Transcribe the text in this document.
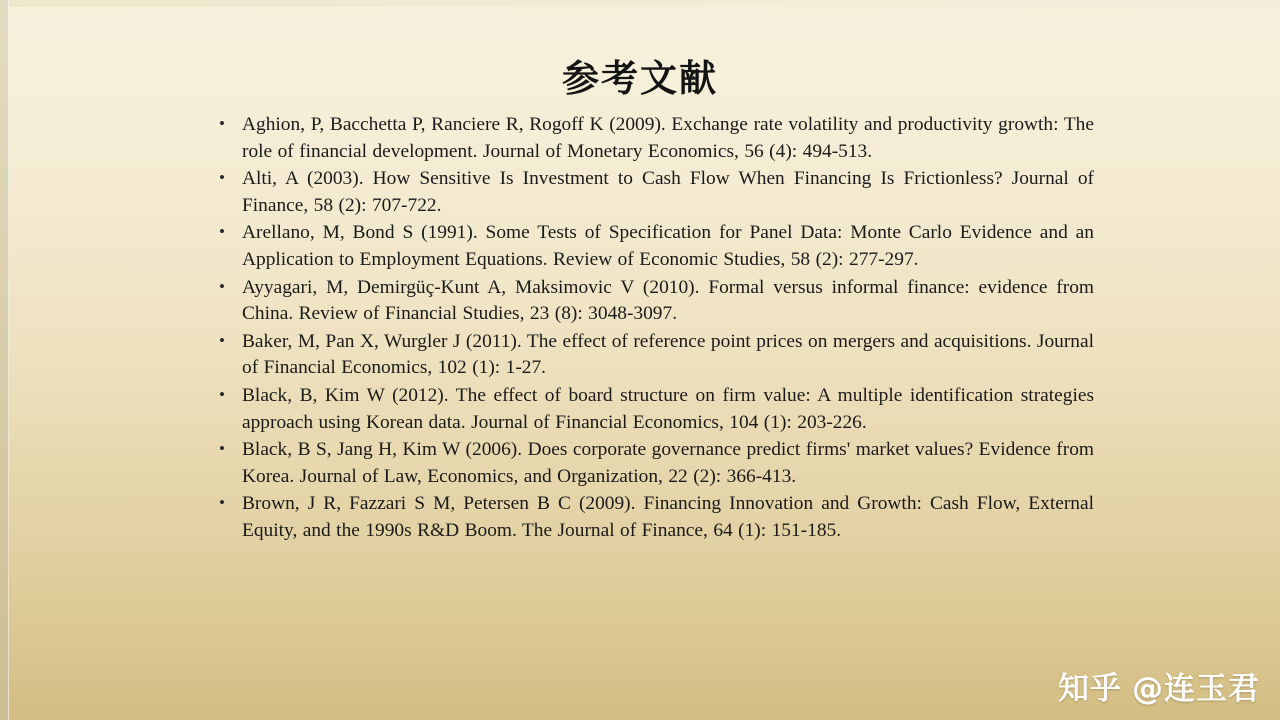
参考文献
• Aghion, P, Bacchetta P, Ranciere R, Rogoff K (2009). Exchange rate volatility and productivity growth: The role of financial development. Journal of Monetary Economics, 56 (4): 494-513.
• Alti, A (2003). How Sensitive Is Investment to Cash Flow When Financing Is Frictionless? Journal of Finance, 58 (2): 707-722.
• Arellano, M, Bond S (1991). Some Tests of Specification for Panel Data: Monte Carlo Evidence and an Application to Employment Equations. Review of Economic Studies, 58 (2): 277-297.
• Ayyagari, M, Demirgüç-Kunt A, Maksimovic V (2010). Formal versus informal finance: evidence from China. Review of Financial Studies, 23 (8): 3048-3097.
• Baker, M, Pan X, Wurgler J (2011). The effect of reference point prices on mergers and acquisitions. Journal of Financial Economics, 102 (1): 1-27.
• Black, B, Kim W (2012). The effect of board structure on firm value: A multiple identification strategies approach using Korean data. Journal of Financial Economics, 104 (1): 203-226.
• Black, B S, Jang H, Kim W (2006). Does corporate governance predict firms' market values? Evidence from Korea. Journal of Law, Economics, and Organization, 22 (2): 366-413.
• Brown, J R, Fazzari S M, Petersen B C (2009). Financing Innovation and Growth: Cash Flow, External Equity, and the 1990s R&D Boom. The Journal of Finance, 64 (1): 151-185.
知乎 @连玉君
